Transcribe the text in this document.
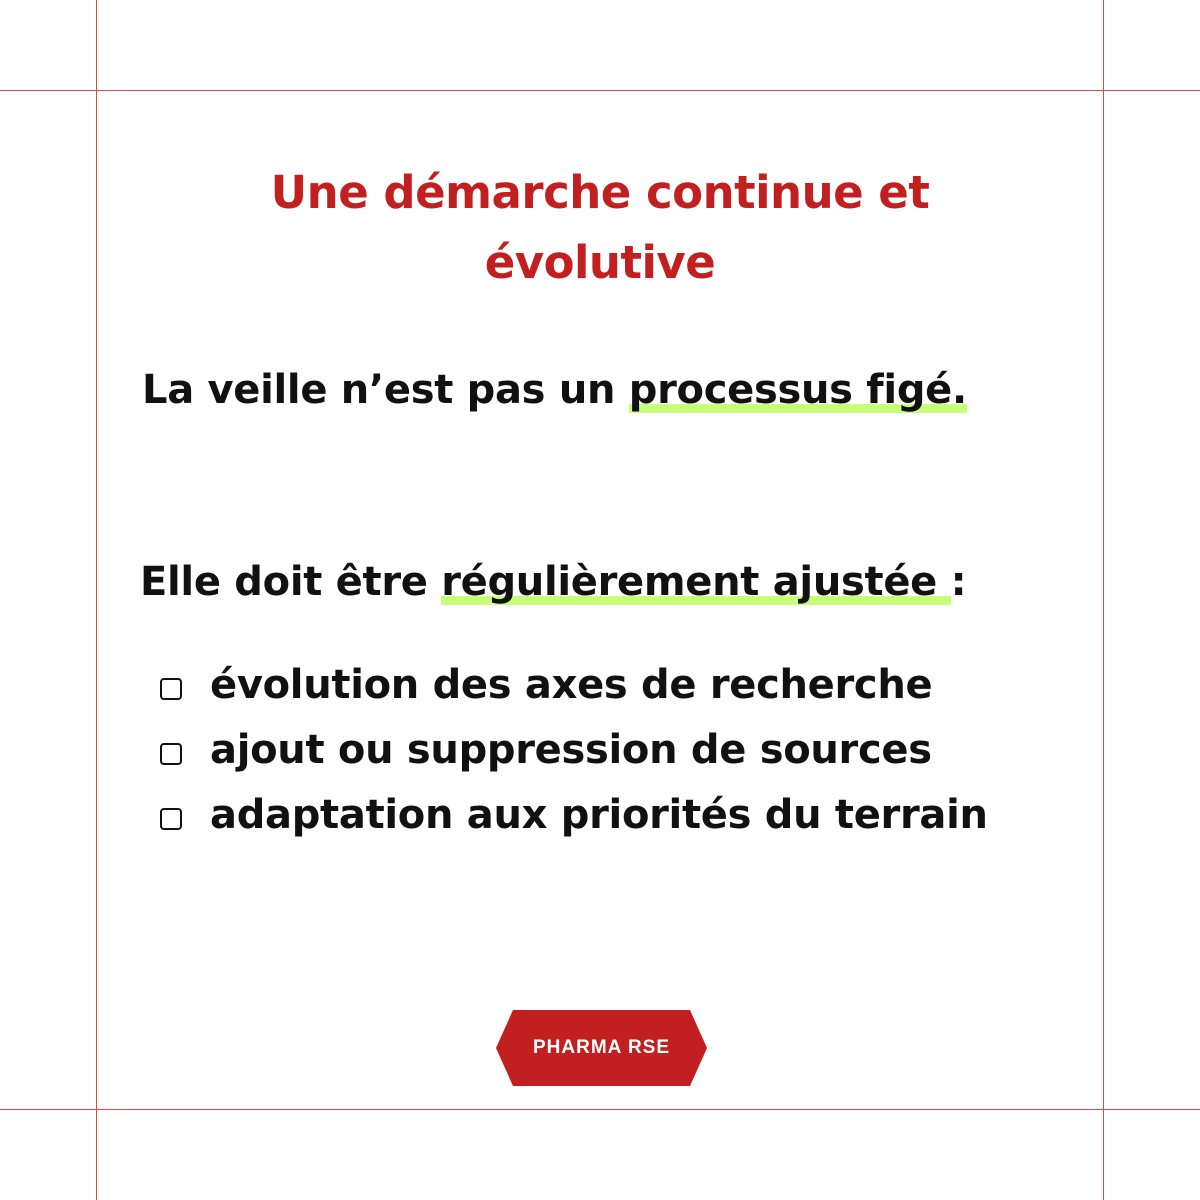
Une démarche continue et
évolutive

La veille n’est pas un processus figé.

Elle doit être régulièrement ajustée :

évolution des axes de recherche
ajout ou suppression de sources
adaptation aux priorités du terrain
PHARMA RSE
